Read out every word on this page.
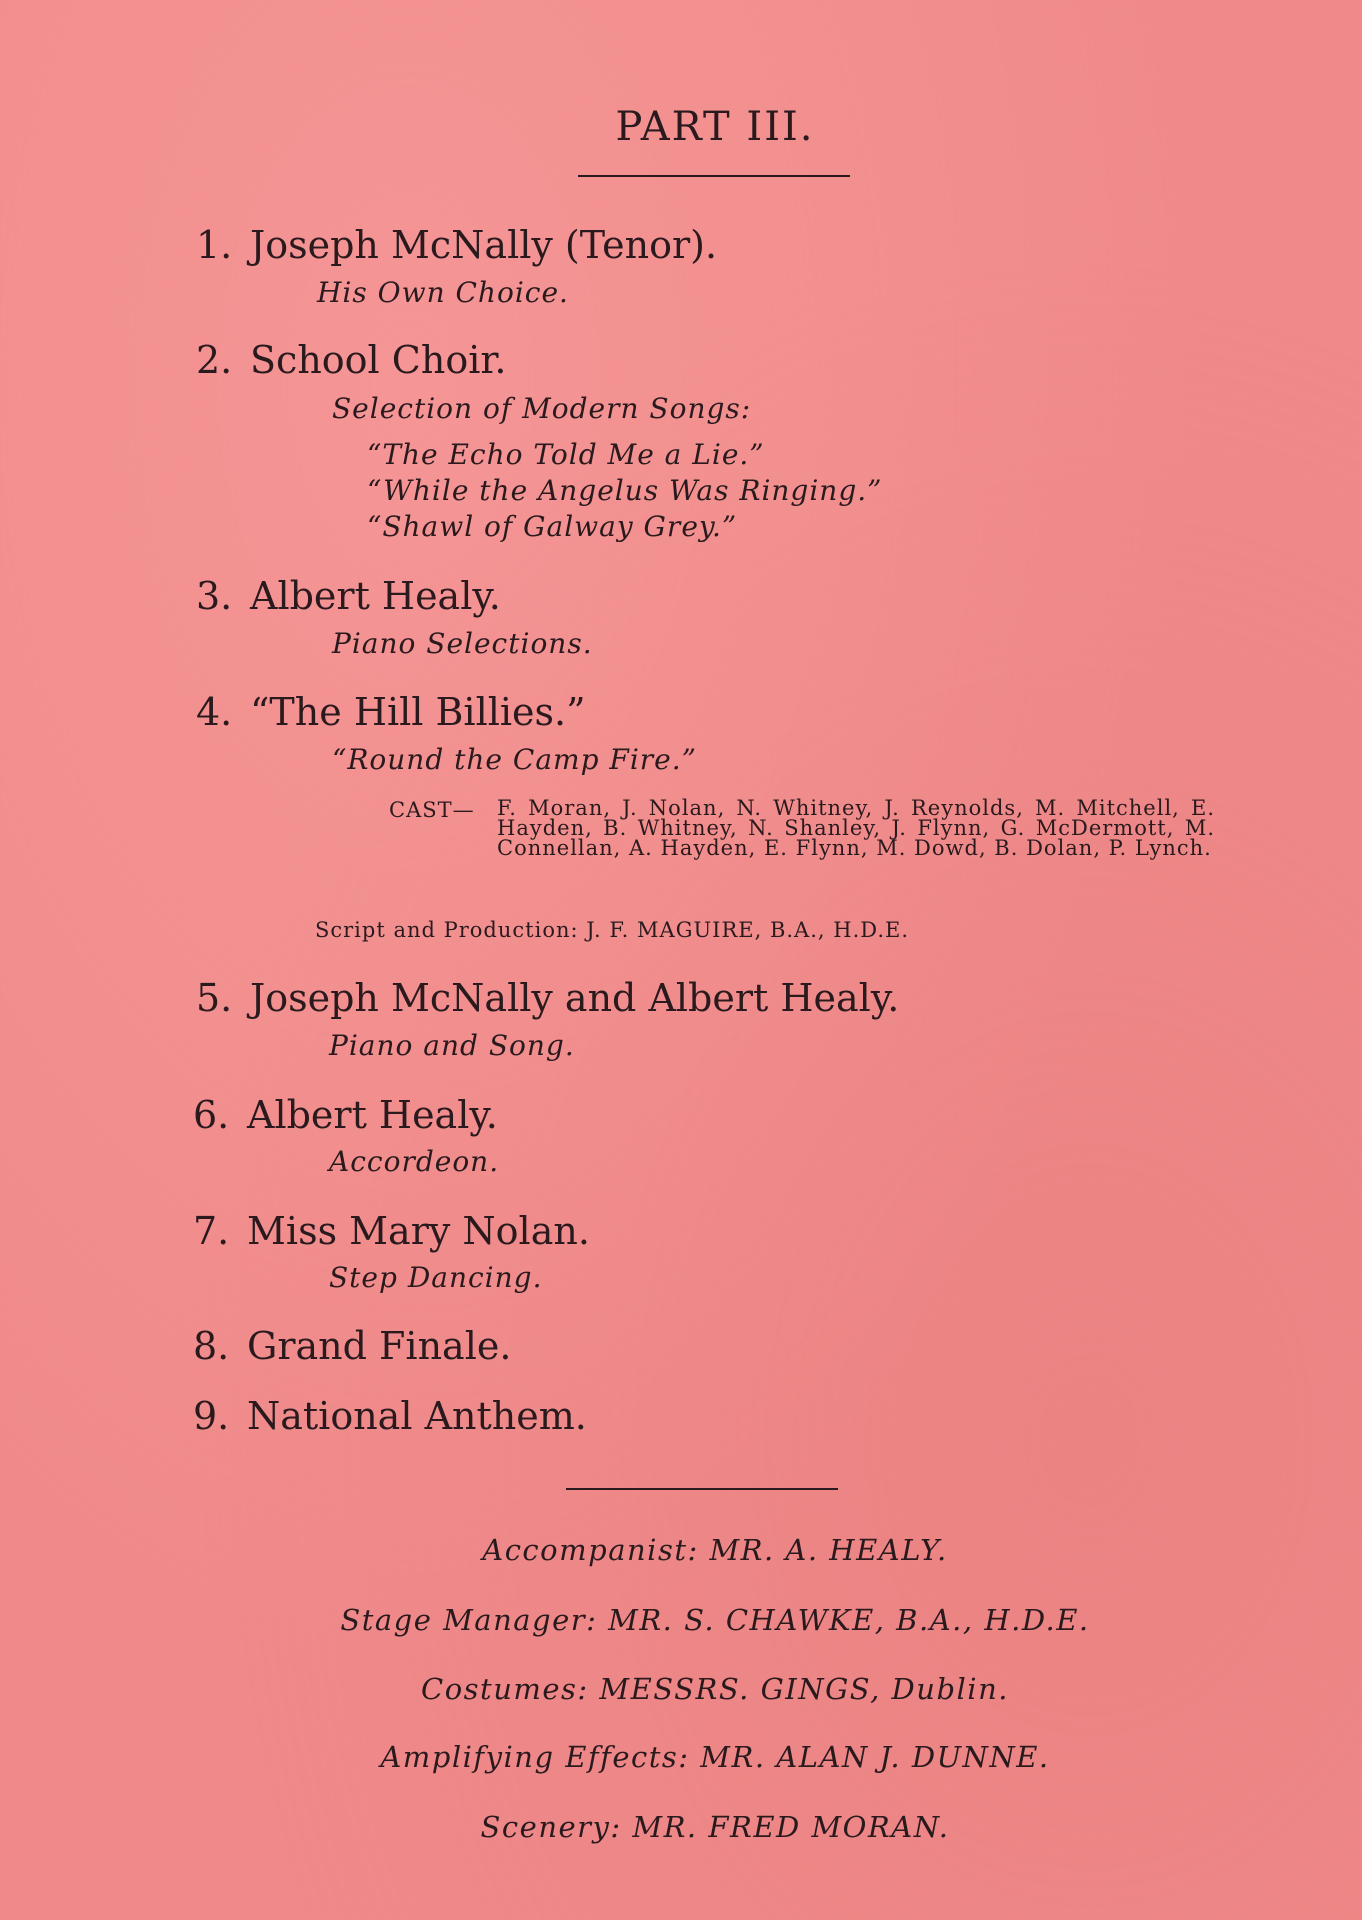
PART III.
1. Joseph McNally (Tenor).
His Own Choice.
2. School Choir.
Selection of Modern Songs:
“The Echo Told Me a Lie.”
“While the Angelus Was Ringing.”
“Shawl of Galway Grey.”
3. Albert Healy.
Piano Selections.
4. “The Hill Billies.”
“Round the Camp Fire.”
CAST— F. Moran, J. Nolan, N. Whitney, J. Reynolds, M. Mitchell, E. Hayden, B. Whitney, N. Shanley, J. Flynn, G. McDermott, M. Connellan, A. Hayden, E. Flynn, M. Dowd, B. Dolan, P. Lynch.
Script and Production: J. F. MAGUIRE, B.A., H.D.E.
5. Joseph McNally and Albert Healy.
Piano and Song.
6. Albert Healy.
Accordeon.
7. Miss Mary Nolan.
Step Dancing.
8. Grand Finale.
9. National Anthem.
Accompanist: MR. A. HEALY.
Stage Manager: MR. S. CHAWKE, B.A., H.D.E.
Costumes: MESSRS. GINGS, Dublin.
Amplifying Effects: MR. ALAN J. DUNNE.
Scenery: MR. FRED MORAN.
